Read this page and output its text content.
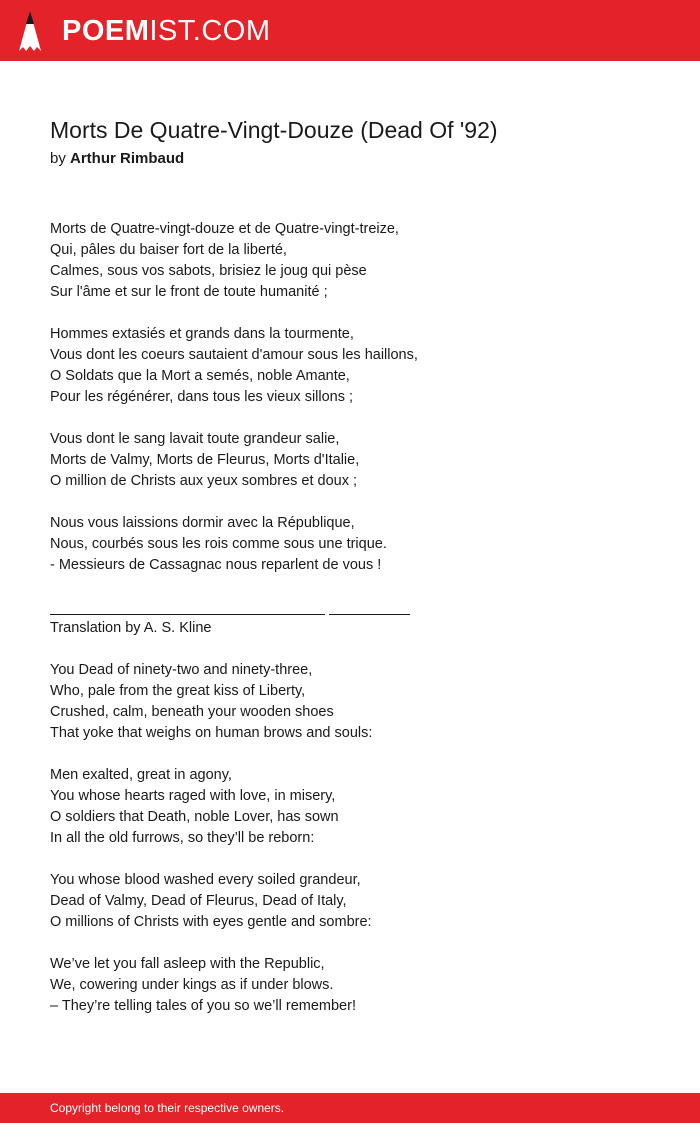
POEMIST.COM
Morts De Quatre-Vingt-Douze (Dead Of '92)
by Arthur Rimbaud
Morts de Quatre-vingt-douze et de Quatre-vingt-treize,
Qui, pâles du baiser fort de la liberté,
Calmes, sous vos sabots, brisiez le joug qui pèse
Sur l'âme et sur le front de toute humanité ;
Hommes extasiés et grands dans la tourmente,
Vous dont les coeurs sautaient d'amour sous les haillons,
O Soldats que la Mort a semés, noble Amante,
Pour les régénérer, dans tous les vieux sillons ;
Vous dont le sang lavait toute grandeur salie,
Morts de Valmy, Morts de Fleurus, Morts d'Italie,
O million de Christs aux yeux sombres et doux ;
Nous vous laissions dormir avec la République,
Nous, courbés sous les rois comme sous une trique.
- Messieurs de Cassagnac nous reparlent de vous !
Translation by A. S. Kline
You Dead of ninety-two and ninety-three,
Who, pale from the great kiss of Liberty,
Crushed, calm, beneath your wooden shoes
That yoke that weighs on human brows and souls:
Men exalted, great in agony,
You whose hearts raged with love, in misery,
O soldiers that Death, noble Lover, has sown
In all the old furrows, so they’ll be reborn:
You whose blood washed every soiled grandeur,
Dead of Valmy, Dead of Fleurus, Dead of Italy,
O millions of Christs with eyes gentle and sombre:
We’ve let you fall asleep with the Republic,
We, cowering under kings as if under blows.
– They’re telling tales of you so we’ll remember!
Copyright belong to their respective owners.
